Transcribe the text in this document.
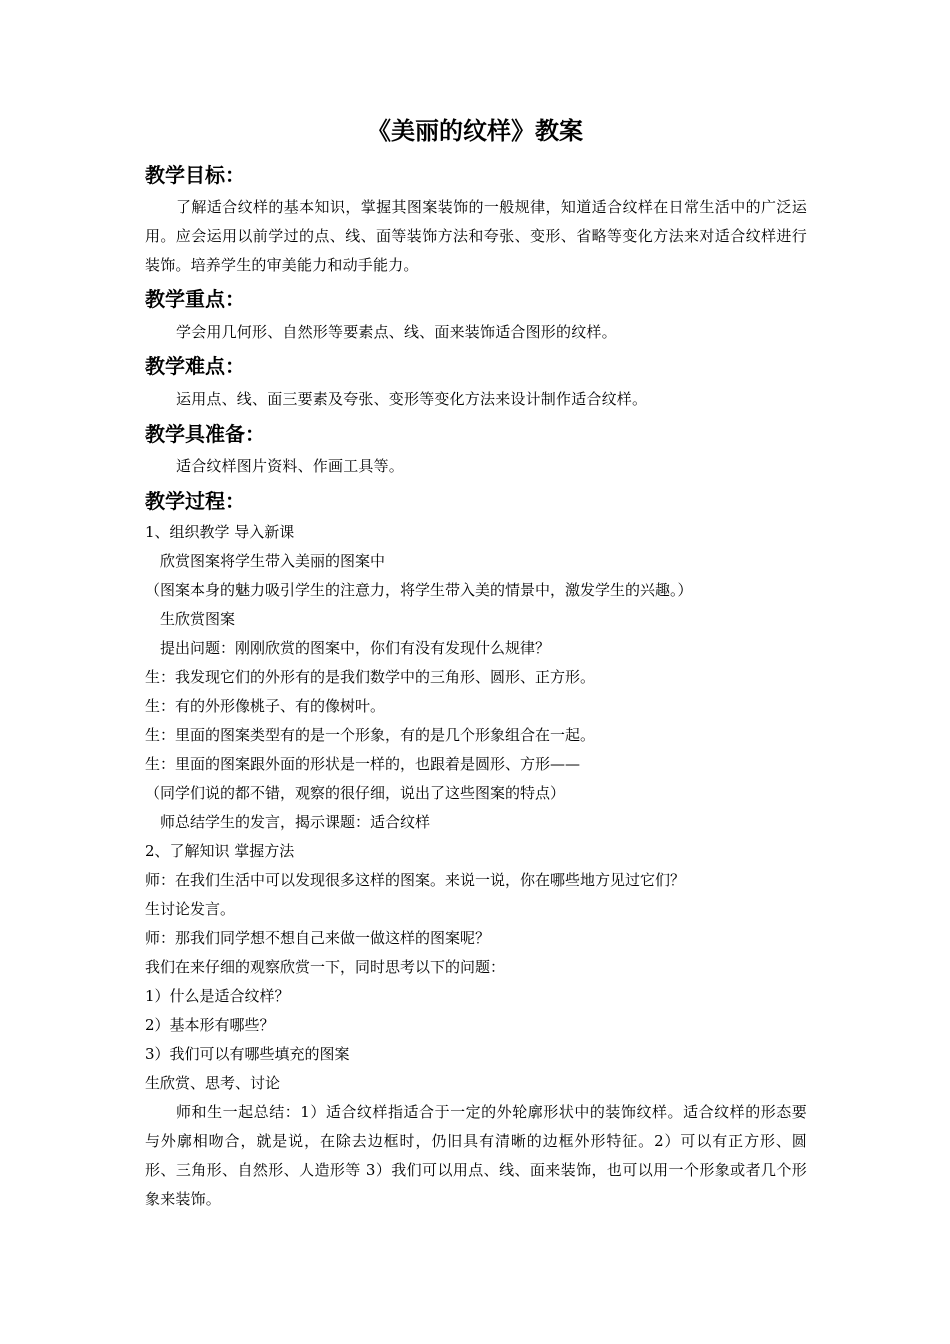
《美丽的纹样》教案
教学目标：

了解适合纹样的基本知识，掌握其图案装饰的一般规律，知道适合纹样在日常生活中的广泛运用。应会运用以前学过的点、线、面等装饰方法和夸张、变形、省略等变化方法来对适合纹样进行装饰。培养学生的审美能力和动手能力。

教学重点：

学会用几何形、自然形等要素点、线、面来装饰适合图形的纹样。

教学难点：

运用点、线、面三要素及夸张、变形等变化方法来设计制作适合纹样。

教学具准备：

适合纹样图片资料、作画工具等。

教学过程：

1、组织教学 导入新课

欣赏图案将学生带入美丽的图案中

（图案本身的魅力吸引学生的注意力，将学生带入美的情景中，激发学生的兴趣。）

生欣赏图案

提出问题：刚刚欣赏的图案中，你们有没有发现什么规律？

生：我发现它们的外形有的是我们数学中的三角形、圆形、正方形。

生：有的外形像桃子、有的像树叶。

生：里面的图案类型有的是一个形象，有的是几个形象组合在一起。

生：里面的图案跟外面的形状是一样的，也跟着是圆形、方形——

（同学们说的都不错，观察的很仔细，说出了这些图案的特点）

师总结学生的发言，揭示课题：适合纹样

2、了解知识 掌握方法

师：在我们生活中可以发现很多这样的图案。来说一说，你在哪些地方见过它们？

生讨论发言。

师：那我们同学想不想自己来做一做这样的图案呢？

我们在来仔细的观察欣赏一下，同时思考以下的问题：

1）什么是适合纹样？

2）基本形有哪些？

3）我们可以有哪些填充的图案

生欣赏、思考、讨论

师和生一起总结：1）适合纹样指适合于一定的外轮廓形状中的装饰纹样。适合纹样的形态要与外廓相吻合，就是说，在除去边框时，仍旧具有清晰的边框外形特征。2）可以有正方形、圆形、三角形、自然形、人造形等 3）我们可以用点、线、面来装饰，也可以用一个形象或者几个形象来装饰。
